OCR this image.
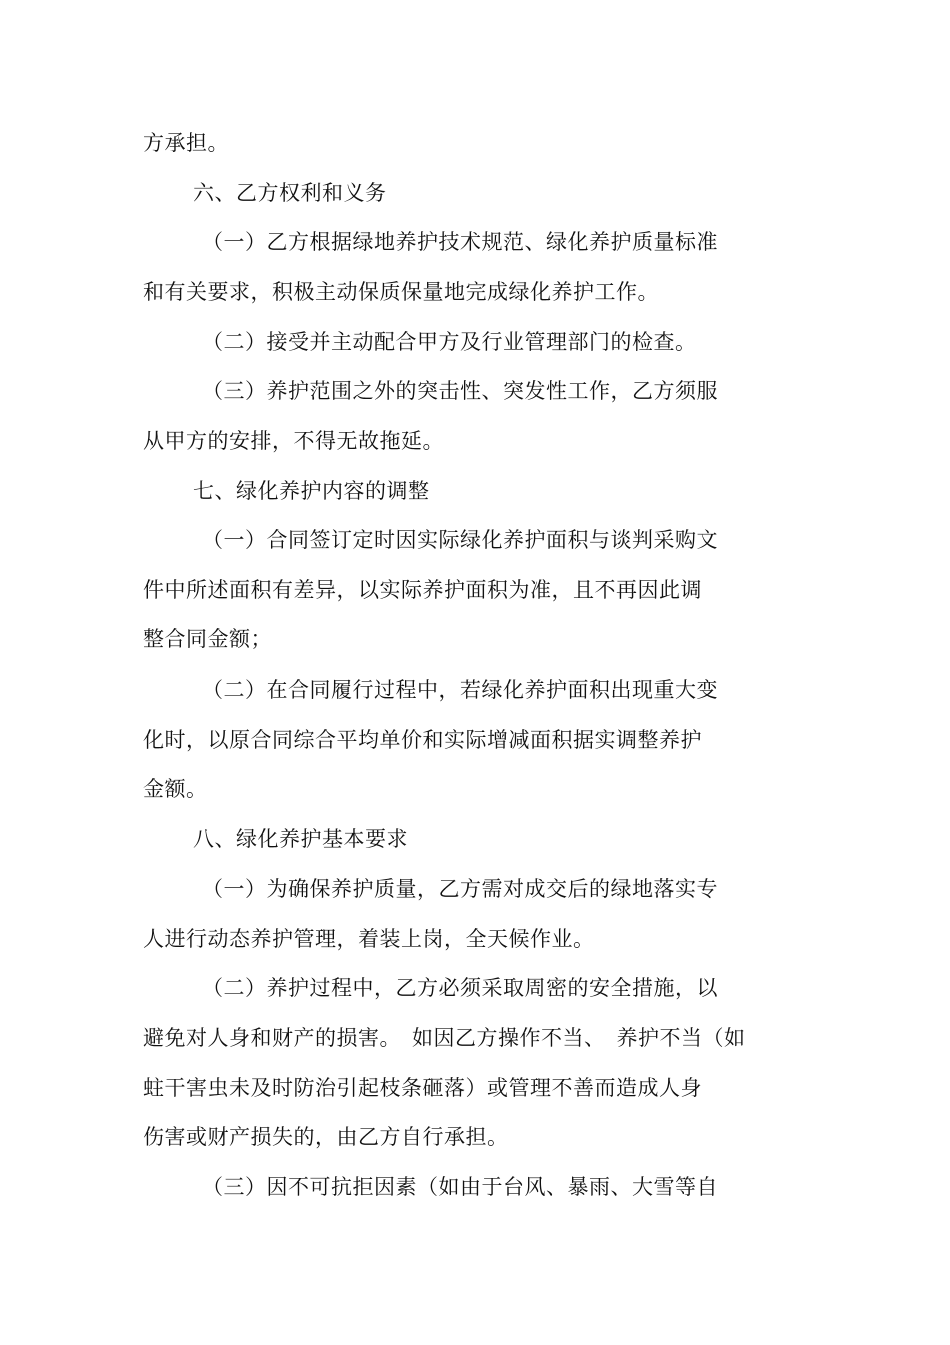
方承担。
六、乙方权利和义务
（一）乙方根据绿地养护技术规范、绿化养护质量标准
和有关要求，积极主动保质保量地完成绿化养护工作。
（二）接受并主动配合甲方及行业管理部门的检查。
（三）养护范围之外的突击性、突发性工作，乙方须服
从甲方的安排，不得无故拖延。
七、绿化养护内容的调整
（一）合同签订定时因实际绿化养护面积与谈判采购文
件中所述面积有差异，以实际养护面积为准，且不再因此调
整合同金额；
（二）在合同履行过程中，若绿化养护面积出现重大变
化时，以原合同综合平均单价和实际增减面积据实调整养护
金额。
八、绿化养护基本要求
（一）为确保养护质量，乙方需对成交后的绿地落实专
人进行动态养护管理，着装上岗，全天候作业。
（二）养护过程中，乙方必须采取周密的安全措施，以
避免对人身和财产的损害。　如因乙方操作不当、　养护不当（如
蛀干害虫未及时防治引起枝条砸落）或管理不善而造成人身
伤害或财产损失的，由乙方自行承担。
（三）因不可抗拒因素（如由于台风、暴雨、大雪等自
